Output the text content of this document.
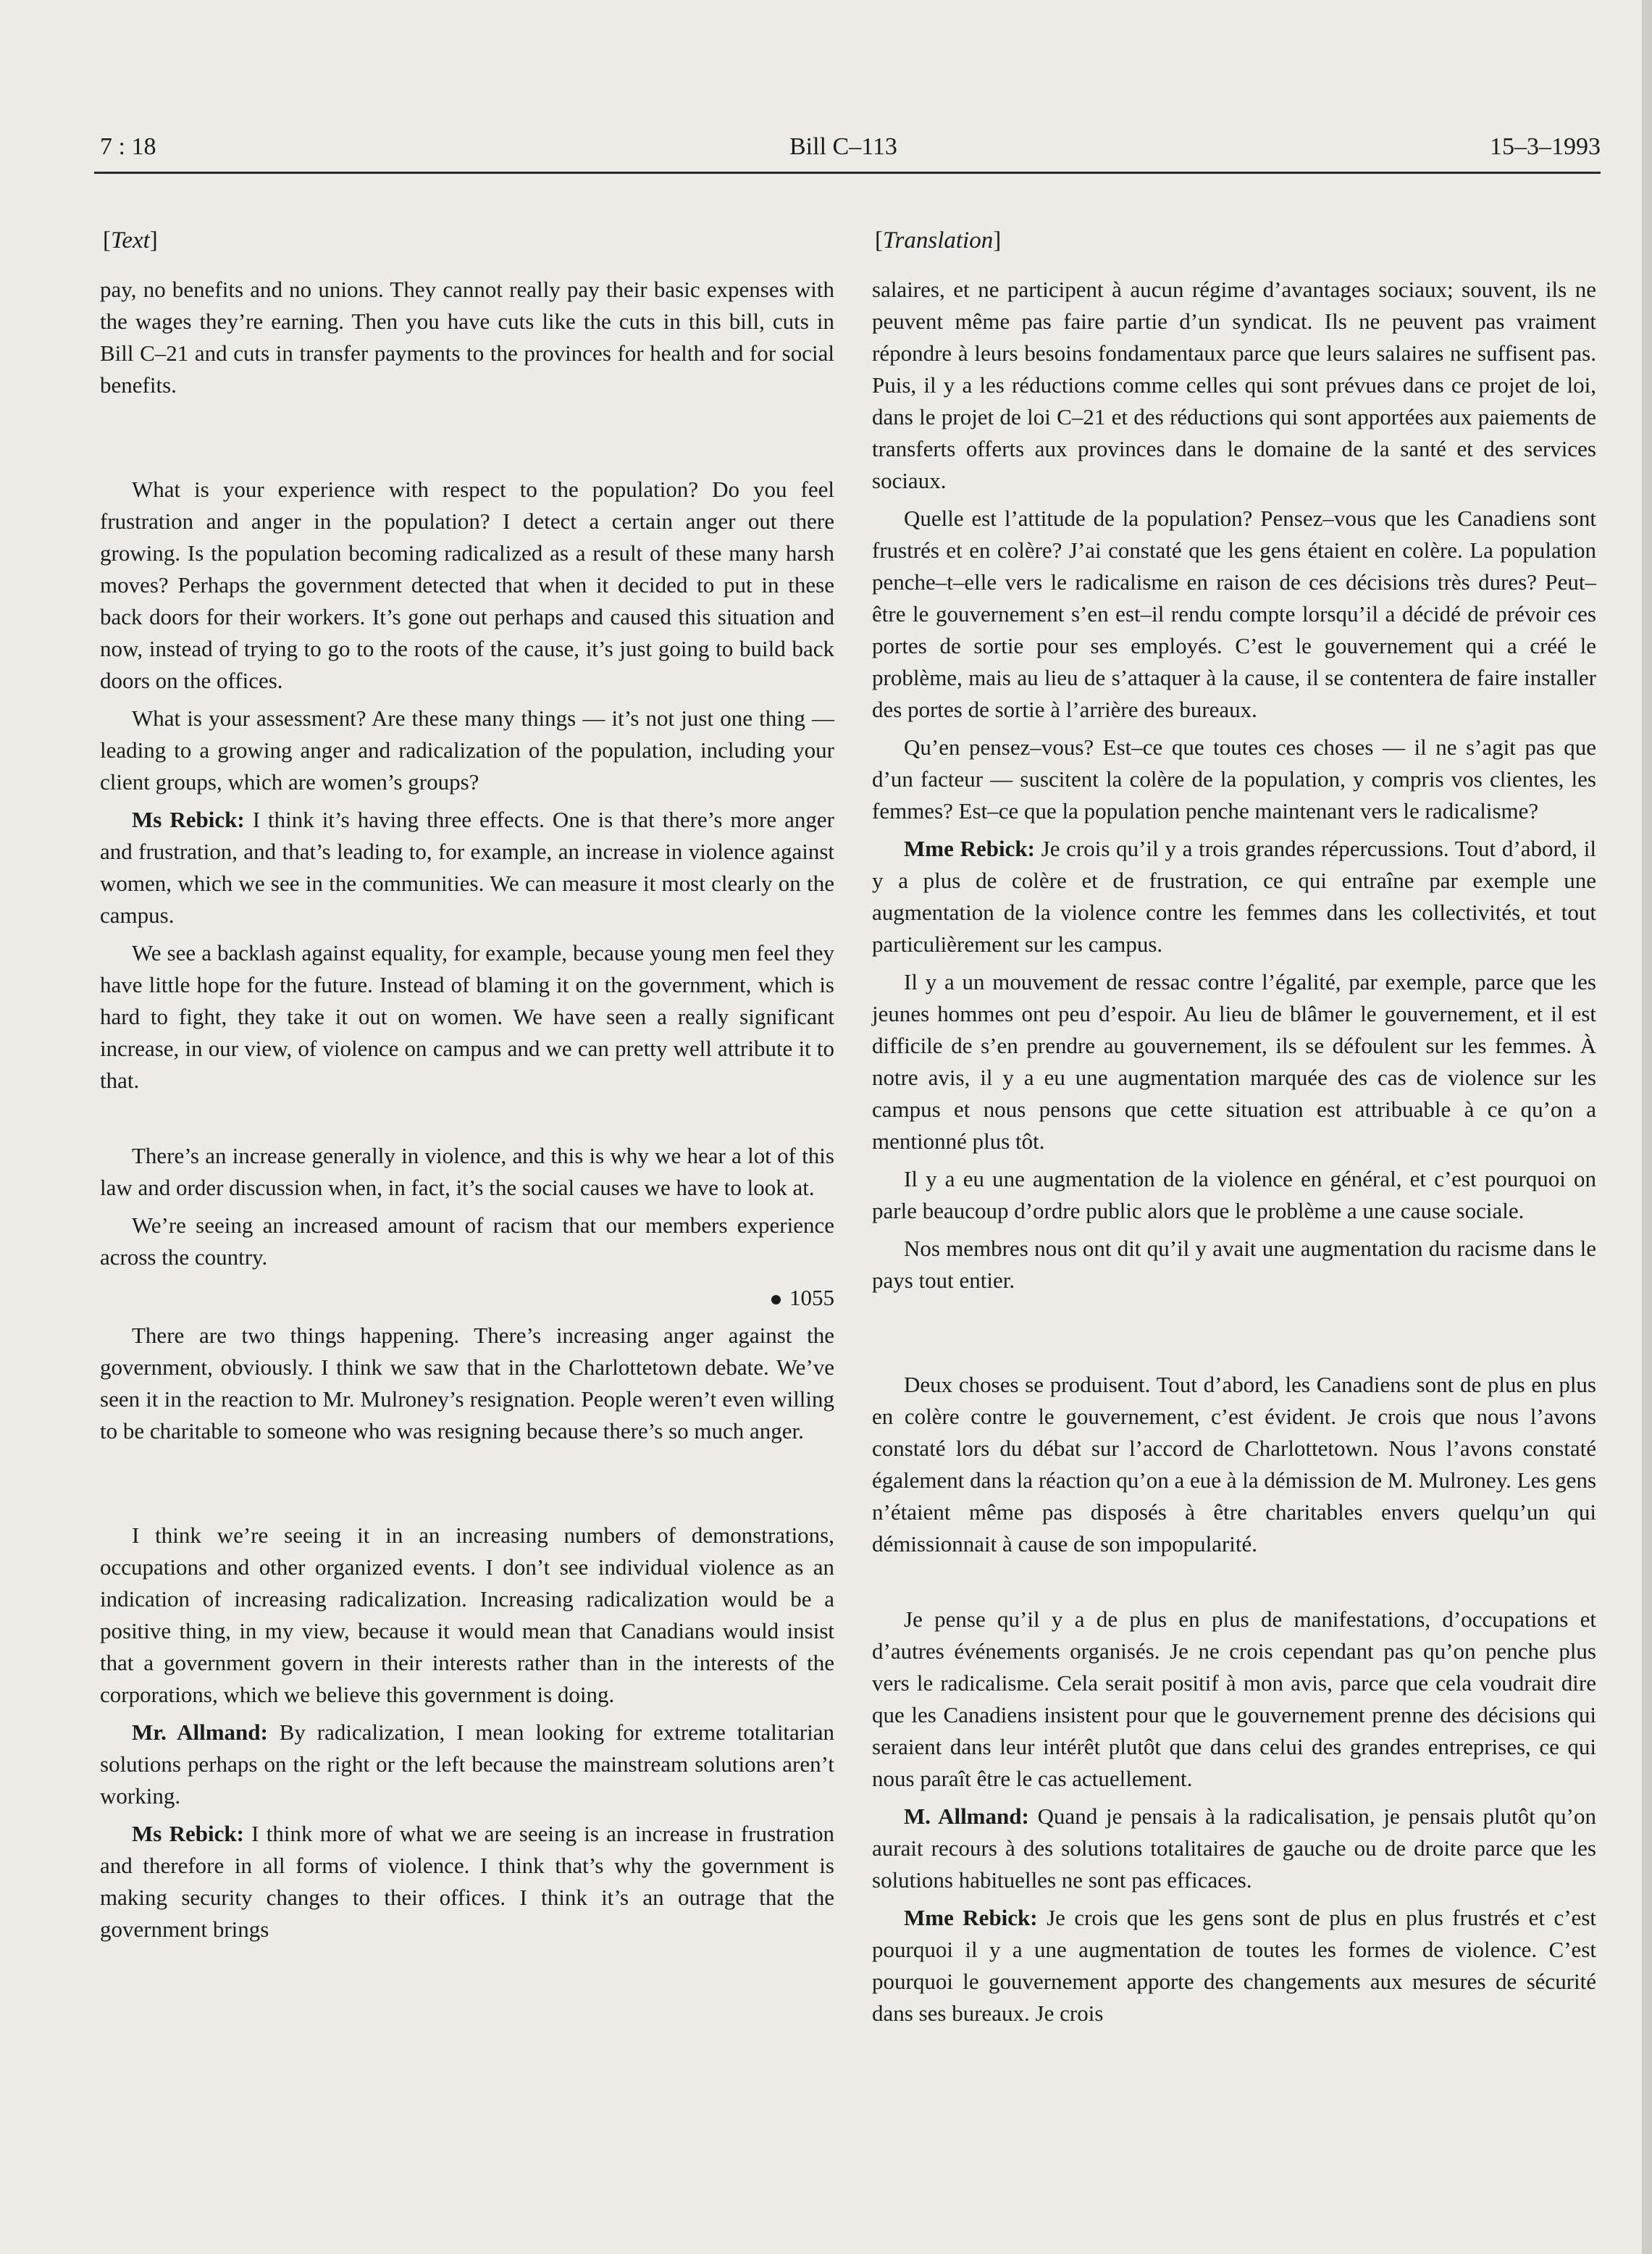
7 : 18	Bill C–113	15–3–1993
[Text]

pay, no benefits and no unions. They cannot really pay their basic expenses with the wages they’re earning. Then you have cuts like the cuts in this bill, cuts in Bill C–21 and cuts in transfer payments to the provinces for health and for social benefits.

What is your experience with respect to the population? Do you feel frustration and anger in the population? I detect a certain anger out there growing. Is the population becoming radicalized as a result of these many harsh moves? Perhaps the government detected that when it decided to put in these back doors for their workers. It’s gone out perhaps and caused this situation and now, instead of trying to go to the roots of the cause, it’s just going to build back doors on the offices.

What is your assessment? Are these many things — it’s not just one thing — leading to a growing anger and radicalization of the population, including your client groups, which are women’s groups?

Ms Rebick: I think it’s having three effects. One is that there’s more anger and frustration, and that’s leading to, for example, an increase in violence against women, which we see in the communities. We can measure it most clearly on the campus.

We see a backlash against equality, for example, because young men feel they have little hope for the future. Instead of blaming it on the government, which is hard to fight, they take it out on women. We have seen a really significant increase, in our view, of violence on campus and we can pretty well attribute it to that.

There’s an increase generally in violence, and this is why we hear a lot of this law and order discussion when, in fact, it’s the social causes we have to look at.

We’re seeing an increased amount of racism that our members experience across the country.

1055

There are two things happening. There’s increasing anger against the government, obviously. I think we saw that in the Charlottetown debate. We’ve seen it in the reaction to Mr. Mulroney’s resignation. People weren’t even willing to be charitable to someone who was resigning because there’s so much anger.

I think we’re seeing it in an increasing numbers of demonstrations, occupations and other organized events. I don’t see individual violence as an indication of increasing radicalization. Increasing radicalization would be a positive thing, in my view, because it would mean that Canadians would insist that a government govern in their interests rather than in the interests of the corporations, which we believe this government is doing.

Mr. Allmand: By radicalization, I mean looking for extreme totalitarian solutions perhaps on the right or the left because the mainstream solutions aren’t working.

Ms Rebick: I think more of what we are seeing is an increase in frustration and therefore in all forms of violence. I think that’s why the government is making security changes to their offices. I think it’s an outrage that the government brings

[Translation]

salaires, et ne participent à aucun régime d’avantages sociaux; souvent, ils ne peuvent même pas faire partie d’un syndicat. Ils ne peuvent pas vraiment répondre à leurs besoins fondamentaux parce que leurs salaires ne suffisent pas. Puis, il y a les réductions comme celles qui sont prévues dans ce projet de loi, dans le projet de loi C–21 et des réductions qui sont apportées aux paiements de transferts offerts aux provinces dans le domaine de la santé et des services sociaux.

Quelle est l’attitude de la population? Pensez–vous que les Canadiens sont frustrés et en colère? J’ai constaté que les gens étaient en colère. La population penche–t–elle vers le radicalisme en raison de ces décisions très dures? Peut–être le gouvernement s’en est–il rendu compte lorsqu’il a décidé de prévoir ces portes de sortie pour ses employés. C’est le gouvernement qui a créé le problème, mais au lieu de s’attaquer à la cause, il se contentera de faire installer des portes de sortie à l’arrière des bureaux.

Qu’en pensez–vous? Est–ce que toutes ces choses — il ne s’agit pas que d’un facteur — suscitent la colère de la population, y compris vos clientes, les femmes? Est–ce que la population penche maintenant vers le radicalisme?

Mme Rebick: Je crois qu’il y a trois grandes répercussions. Tout d’abord, il y a plus de colère et de frustration, ce qui entraîne par exemple une augmentation de la violence contre les femmes dans les collectivités, et tout particulièrement sur les campus.

Il y a un mouvement de ressac contre l’égalité, par exemple, parce que les jeunes hommes ont peu d’espoir. Au lieu de blâmer le gouvernement, et il est difficile de s’en prendre au gouvernement, ils se défoulent sur les femmes. À notre avis, il y a eu une augmentation marquée des cas de violence sur les campus et nous pensons que cette situation est attribuable à ce qu’on a mentionné plus tôt.

Il y a eu une augmentation de la violence en général, et c’est pourquoi on parle beaucoup d’ordre public alors que le problème a une cause sociale.

Nos membres nous ont dit qu’il y avait une augmentation du racisme dans le pays tout entier.

Deux choses se produisent. Tout d’abord, les Canadiens sont de plus en plus en colère contre le gouvernement, c’est évident. Je crois que nous l’avons constaté lors du débat sur l’accord de Charlottetown. Nous l’avons constaté également dans la réaction qu’on a eue à la démission de M. Mulroney. Les gens n’étaient même pas disposés à être charitables envers quelqu’un qui démissionnait à cause de son impopularité.

Je pense qu’il y a de plus en plus de manifestations, d’occupations et d’autres événements organisés. Je ne crois cependant pas qu’on penche plus vers le radicalisme. Cela serait positif à mon avis, parce que cela voudrait dire que les Canadiens insistent pour que le gouvernement prenne des décisions qui seraient dans leur intérêt plutôt que dans celui des grandes entreprises, ce qui nous paraît être le cas actuellement.

M. Allmand: Quand je pensais à la radicalisation, je pensais plutôt qu’on aurait recours à des solutions totalitaires de gauche ou de droite parce que les solutions habituelles ne sont pas efficaces.

Mme Rebick: Je crois que les gens sont de plus en plus frustrés et c’est pourquoi il y a une augmentation de toutes les formes de violence. C’est pourquoi le gouvernement apporte des changements aux mesures de sécurité dans ses bureaux. Je crois
